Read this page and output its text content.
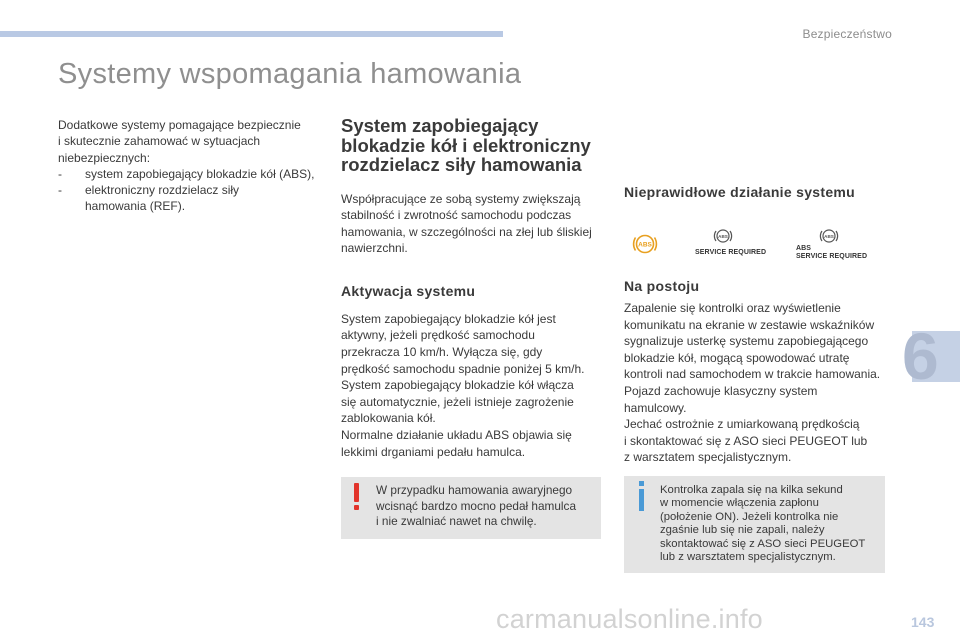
Bezpieczeństwo
Systemy wspomagania hamowania
Dodatkowe systemy pomagające bezpiecznie
i skutecznie zahamować w sytuacjach
niebezpiecznych:
- system zapobiegający blokadzie kół (ABS),
- elektroniczny rozdzielacz siły
hamowania (REF).
System zapobiegający
blokadzie kół i elektroniczny
rozdzielacz siły hamowania
Współpracujące ze sobą systemy zwiększają
stabilność i zwrotność samochodu podczas
hamowania, w szczególności na złej lub śliskiej
nawierzchni.
Aktywacja systemu
System zapobiegający blokadzie kół jest
aktywny, jeżeli prędkość samochodu
przekracza 10 km/h. Wyłącza się, gdy
prędkość samochodu spadnie poniżej 5 km/h.
System zapobiegający blokadzie kół włącza
się automatycznie, jeżeli istnieje zagrożenie
zablokowania kół.
Normalne działanie układu ABS objawia się
lekkimi drganiami pedału hamulca.
W przypadku hamowania awaryjnego
wcisnąć bardzo mocno pedał hamulca
i nie zwalniać nawet na chwilę.
Nieprawidłowe działanie systemu
ABS
ABS
SERVICE REQUIRED
ABS
ABS
SERVICE REQUIRED
Na postoju
Zapalenie się kontrolki oraz wyświetlenie
komunikatu na ekranie w zestawie wskaźników
sygnalizuje usterkę systemu zapobiegającego
blokadzie kół, mogącą spowodować utratę
kontroli nad samochodem w trakcie hamowania.
Pojazd zachowuje klasyczny system
hamulcowy.
Jechać ostrożnie z umiarkowaną prędkością
i skontaktować się z ASO sieci PEUGEOT lub
z warsztatem specjalistycznym.
Kontrolka zapala się na kilka sekund
w momencie włączenia zapłonu
(położenie ON). Jeżeli kontrolka nie
zgaśnie lub się nie zapali, należy
skontaktować się z ASO sieci PEUGEOT
lub z warsztatem specjalistycznym.
6
carmanualsonline.info	143
